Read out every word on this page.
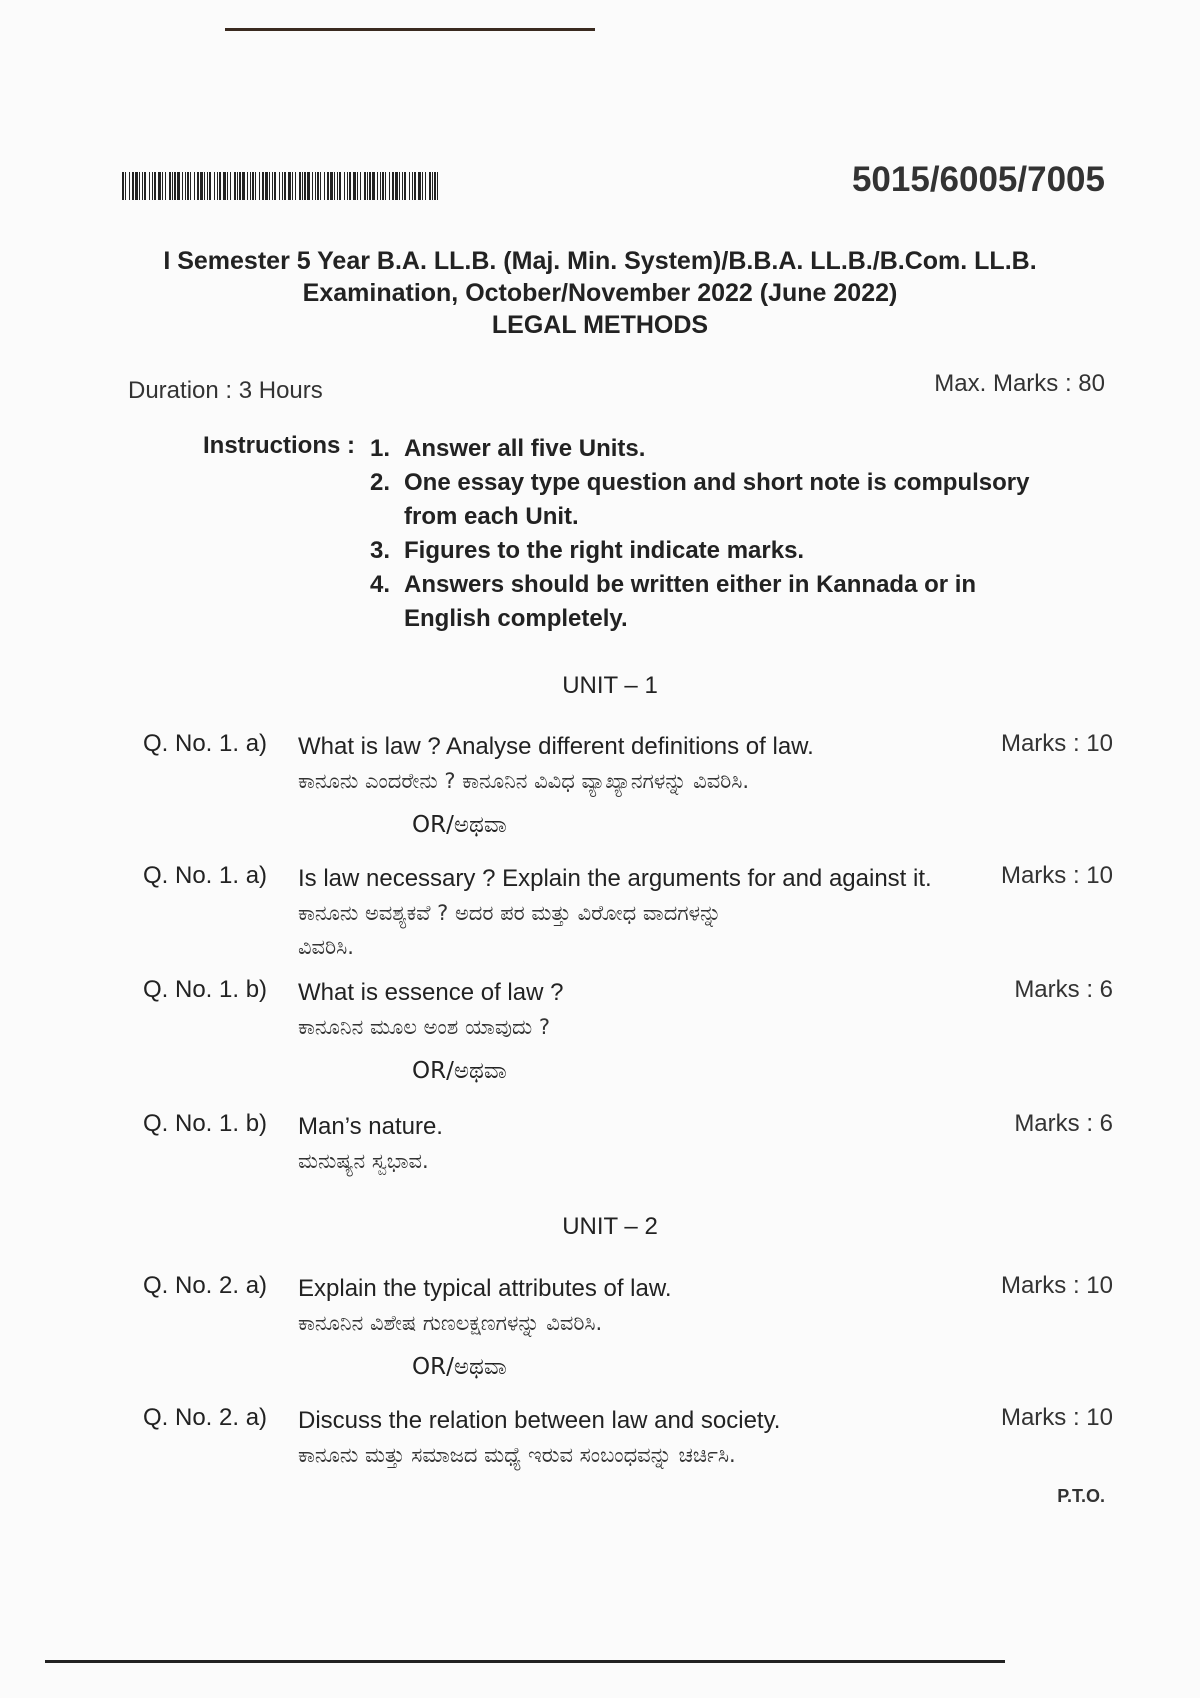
5015/6005/7005
I Semester 5 Year B.A. LL.B. (Maj. Min. System)/B.B.A. LL.B./B.Com. LL.B.
Examination, October/November 2022 (June 2022)
LEGAL METHODS
Duration : 3 Hours	Max. Marks : 80
Instructions : 1. Answer all five Units.
2. One essay type question and short note is compulsory
from each Unit.
3. Figures to the right indicate marks.
4. Answers should be written either in Kannada or in
English completely.
UNIT – 1
Q. No. 1. a) What is law ? Analyse different definitions of law.
ಕಾನೂನು ಎಂದರೇನು ? ಕಾನೂನಿನ ವಿವಿಧ ವ್ಯಾಖ್ಯಾನಗಳನ್ನು ವಿವರಿಸಿ.
Marks : 10
OR/ಅಥವಾ
Q. No. 1. a) Is law necessary ? Explain the arguments for and against it.
ಕಾನೂನು ಅವಶ್ಯಕವೆ ? ಅದರ ಪರ ಮತ್ತು ವಿರೋಧ ವಾದಗಳನ್ನು
ವಿವರಿಸಿ.
Marks : 10
Q. No. 1. b) What is essence of law ?
ಕಾನೂನಿನ ಮೂಲ ಅಂಶ ಯಾವುದು ?
Marks : 6
OR/ಅಥವಾ
Q. No. 1. b) Man’s nature.
ಮನುಷ್ಯನ ಸ್ವಭಾವ.
Marks : 6
UNIT – 2
Q. No. 2. a) Explain the typical attributes of law.
ಕಾನೂನಿನ ವಿಶೇಷ ಗುಣಲಕ್ಷಣಗಳನ್ನು ವಿವರಿಸಿ.
Marks : 10
OR/ಅಥವಾ
Q. No. 2. a) Discuss the relation between law and society.
ಕಾನೂನು ಮತ್ತು ಸಮಾಜದ ಮಧ್ಯೆ ಇರುವ ಸಂಬಂಧವನ್ನು ಚರ್ಚಿಸಿ.
Marks : 10
P.T.O.
